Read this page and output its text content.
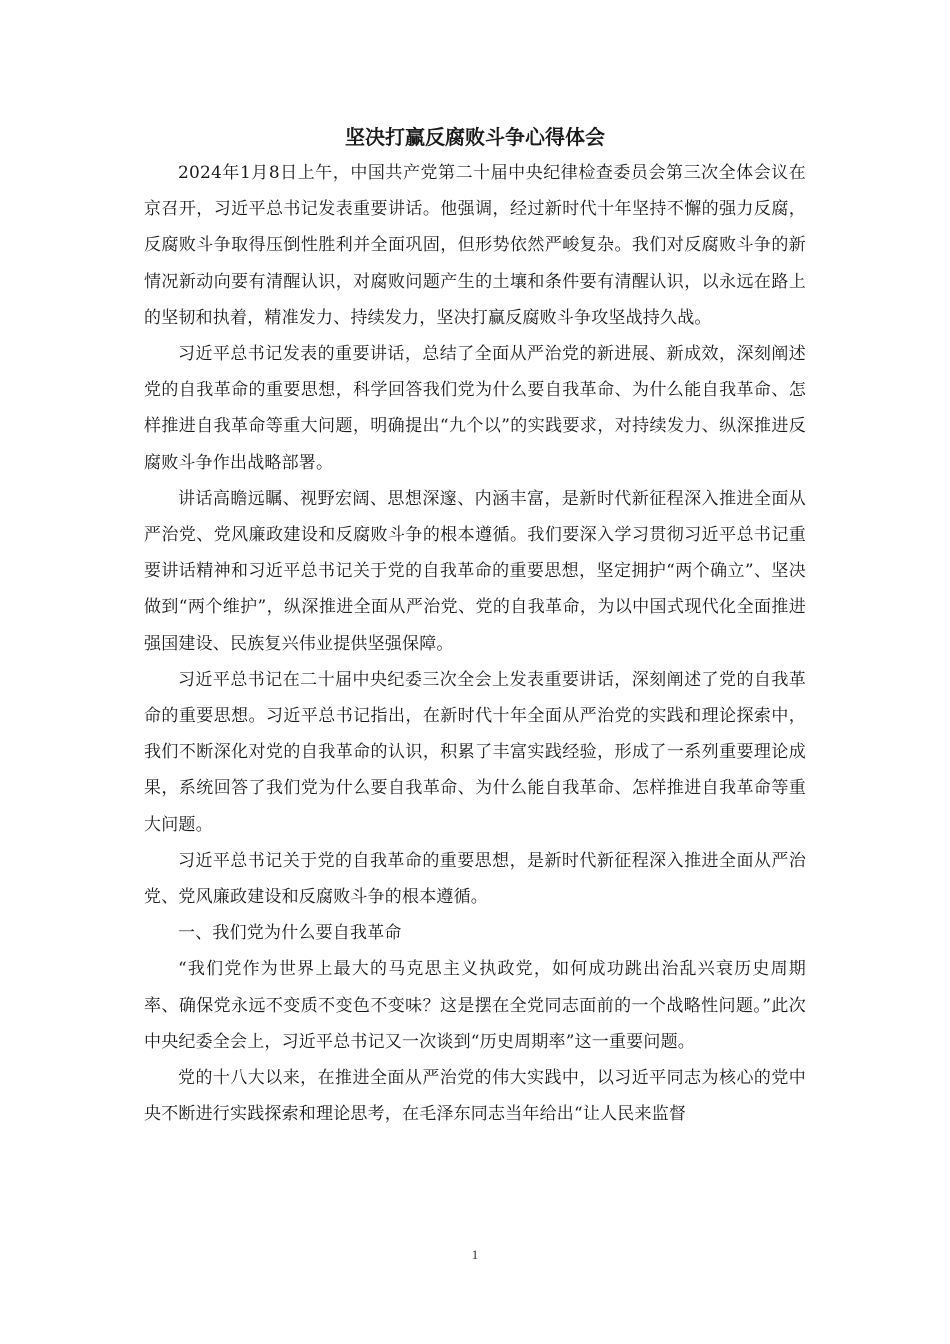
坚决打赢反腐败斗争心得体会

2024年1月8日上午，中国共产党第二十届中央纪律检查委员会第三次全体会议在京召开，习近平总书记发表重要讲话。他强调，经过新时代十年坚持不懈的强力反腐，反腐败斗争取得压倒性胜利并全面巩固，但形势依然严峻复杂。我们对反腐败斗争的新情况新动向要有清醒认识，对腐败问题产生的土壤和条件要有清醒认识，以永远在路上的坚韧和执着，精准发力、持续发力，坚决打赢反腐败斗争攻坚战持久战。

习近平总书记发表的重要讲话，总结了全面从严治党的新进展、新成效，深刻阐述党的自我革命的重要思想，科学回答我们党为什么要自我革命、为什么能自我革命、怎样推进自我革命等重大问题，明确提出“九个以”的实践要求，对持续发力、纵深推进反腐败斗争作出战略部署。

讲话高瞻远瞩、视野宏阔、思想深邃、内涵丰富，是新时代新征程深入推进全面从严治党、党风廉政建设和反腐败斗争的根本遵循。我们要深入学习贯彻习近平总书记重要讲话精神和习近平总书记关于党的自我革命的重要思想，坚定拥护“两个确立”、坚决做到“两个维护”，纵深推进全面从严治党、党的自我革命，为以中国式现代化全面推进强国建设、民族复兴伟业提供坚强保障。

习近平总书记在二十届中央纪委三次全会上发表重要讲话，深刻阐述了党的自我革命的重要思想。习近平总书记指出，在新时代十年全面从严治党的实践和理论探索中，我们不断深化对党的自我革命的认识，积累了丰富实践经验，形成了一系列重要理论成果，系统回答了我们党为什么要自我革命、为什么能自我革命、怎样推进自我革命等重大问题。

习近平总书记关于党的自我革命的重要思想，是新时代新征程深入推进全面从严治党、党风廉政建设和反腐败斗争的根本遵循。

一、我们党为什么要自我革命

“我们党作为世界上最大的马克思主义执政党，如何成功跳出治乱兴衰历史周期率、确保党永远不变质不变色不变味？这是摆在全党同志面前的一个战略性问题。”此次中央纪委全会上，习近平总书记又一次谈到“历史周期率”这一重要问题。

党的十八大以来，在推进全面从严治党的伟大实践中，以习近平同志为核心的党中央不断进行实践探索和理论思考，在毛泽东同志当年给出“让人民来监督

1
